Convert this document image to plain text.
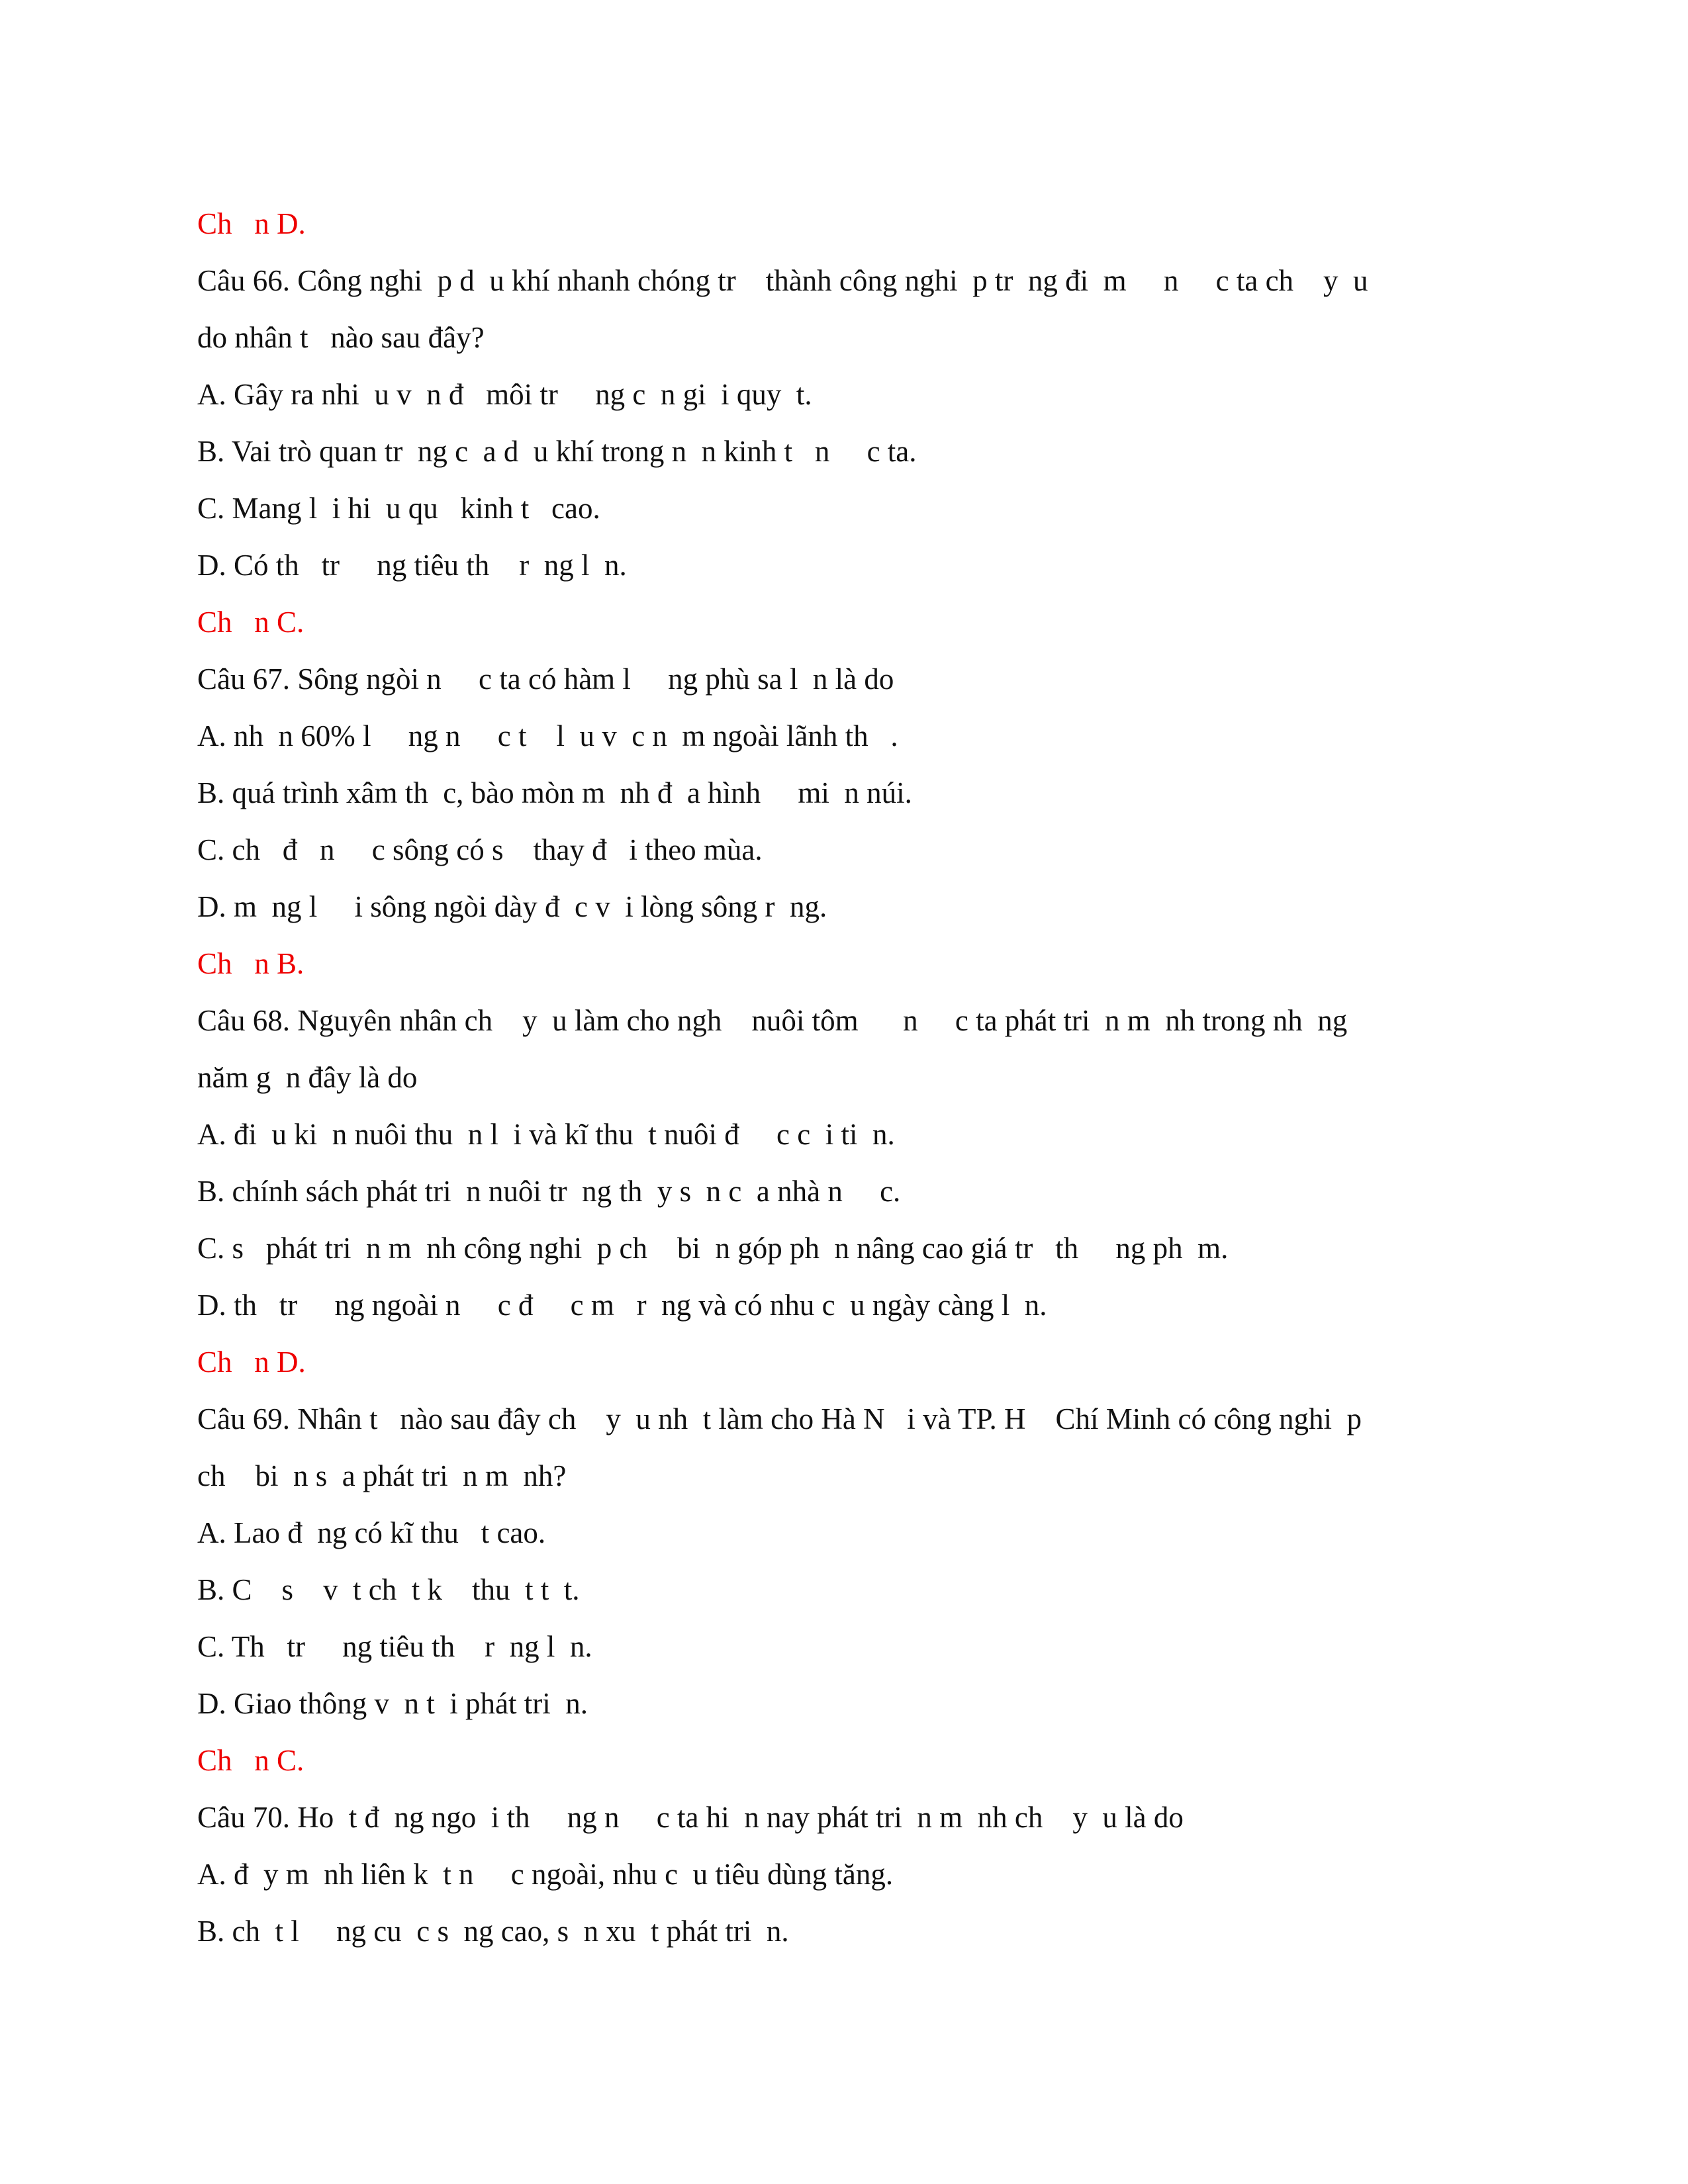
Ch   n D.
Câu 66. Công nghi  p d  u khí nhanh chóng tr    thành công nghi  p tr  ng đi  m     n     c ta ch    y  u
do nhân t   nào sau đây?
A. Gây ra nhi  u v  n đ   môi tr     ng c  n gi  i quy  t.
B. Vai trò quan tr  ng c  a d  u khí trong n  n kinh t   n     c ta.
C. Mang l  i hi  u qu   kinh t   cao.
D. Có th   tr     ng tiêu th    r  ng l  n.
Ch   n C.
Câu 67. Sông ngòi n     c ta có hàm l     ng phù sa l  n là do
A. nh  n 60% l     ng n     c t    l  u v  c n  m ngoài lãnh th   .
B. quá trình xâm th  c, bào mòn m  nh đ  a hình     mi  n núi.
C. ch   đ   n     c sông có s    thay đ   i theo mùa.
D. m  ng l     i sông ngòi dày đ  c v  i lòng sông r  ng.
Ch   n B.
Câu 68. Nguyên nhân ch    y  u làm cho ngh    nuôi tôm      n     c ta phát tri  n m  nh trong nh  ng
năm g  n đây là do
A. đi  u ki  n nuôi thu  n l  i và kĩ thu  t nuôi đ     c c  i ti  n.
B. chính sách phát tri  n nuôi tr  ng th  y s  n c  a nhà n     c.
C. s   phát tri  n m  nh công nghi  p ch    bi  n góp ph  n nâng cao giá tr   th     ng ph  m.
D. th   tr     ng ngoài n     c đ     c m   r  ng và có nhu c  u ngày càng l  n.
Ch   n D.
Câu 69. Nhân t   nào sau đây ch    y  u nh  t làm cho Hà N   i và TP. H    Chí Minh có công nghi  p
ch    bi  n s  a phát tri  n m  nh?
A. Lao đ  ng có kĩ thu   t cao.
B. C    s    v  t ch  t k    thu  t t  t.
C. Th   tr     ng tiêu th    r  ng l  n.
D. Giao thông v  n t  i phát tri  n.
Ch   n C.
Câu 70. Ho  t đ  ng ngo  i th     ng n     c ta hi  n nay phát tri  n m  nh ch    y  u là do
A. đ  y m  nh liên k  t n     c ngoài, nhu c  u tiêu dùng tăng.
B. ch  t l     ng cu  c s  ng cao, s  n xu  t phát tri  n.
